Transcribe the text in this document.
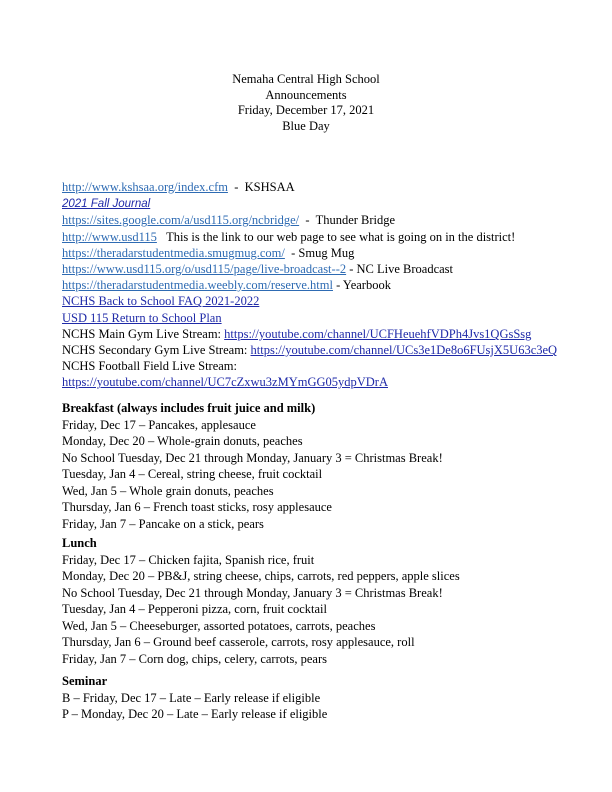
Nemaha Central High School
Announcements
Friday, December 17, 2021
Blue Day
http://www.kshsaa.org/index.cfm  -  KSHSAA
2021 Fall Journal
https://sites.google.com/a/usd115.org/ncbridge/  -  Thunder Bridge
http://www.usd115   This is the link to our web page to see what is going on in the district!
https://theradarstudentmedia.smugmug.com/  - Smug Mug
https://www.usd115.org/o/usd115/page/live-broadcast--2 - NC Live Broadcast
https://theradarstudentmedia.weebly.com/reserve.html - Yearbook
NCHS Back to School FAQ 2021-2022
USD 115 Return to School Plan
NCHS Main Gym Live Stream: https://youtube.com/channel/UCFHeuehfVDPh4Jvs1QGsSsg
NCHS Secondary Gym Live Stream: https://youtube.com/channel/UCs3e1De8o6FUsjX5U63c3eQ
NCHS Football Field Live Stream:
https://youtube.com/channel/UC7cZxwu3zMYmGG05ydpVDrA
Breakfast (always includes fruit juice and milk)
Friday, Dec 17 – Pancakes, applesauce
Monday, Dec 20 – Whole-grain donuts, peaches
No School Tuesday, Dec 21 through Monday, January 3 = Christmas Break!
Tuesday, Jan 4 – Cereal, string cheese, fruit cocktail
Wed, Jan 5 – Whole grain donuts, peaches
Thursday, Jan 6 – French toast sticks, rosy applesauce
Friday, Jan 7 – Pancake on a stick, pears
Lunch
Friday, Dec 17 – Chicken fajita, Spanish rice, fruit
Monday, Dec 20 – PB&J, string cheese, chips, carrots, red peppers, apple slices
No School Tuesday, Dec 21 through Monday, January 3 = Christmas Break!
Tuesday, Jan 4 – Pepperoni pizza, corn, fruit cocktail
Wed, Jan 5 – Cheeseburger, assorted potatoes, carrots, peaches
Thursday, Jan 6 – Ground beef casserole, carrots, rosy applesauce, roll
Friday, Jan 7 – Corn dog, chips, celery, carrots, pears
Seminar
B – Friday, Dec 17 – Late – Early release if eligible
P – Monday, Dec 20 – Late – Early release if eligible
